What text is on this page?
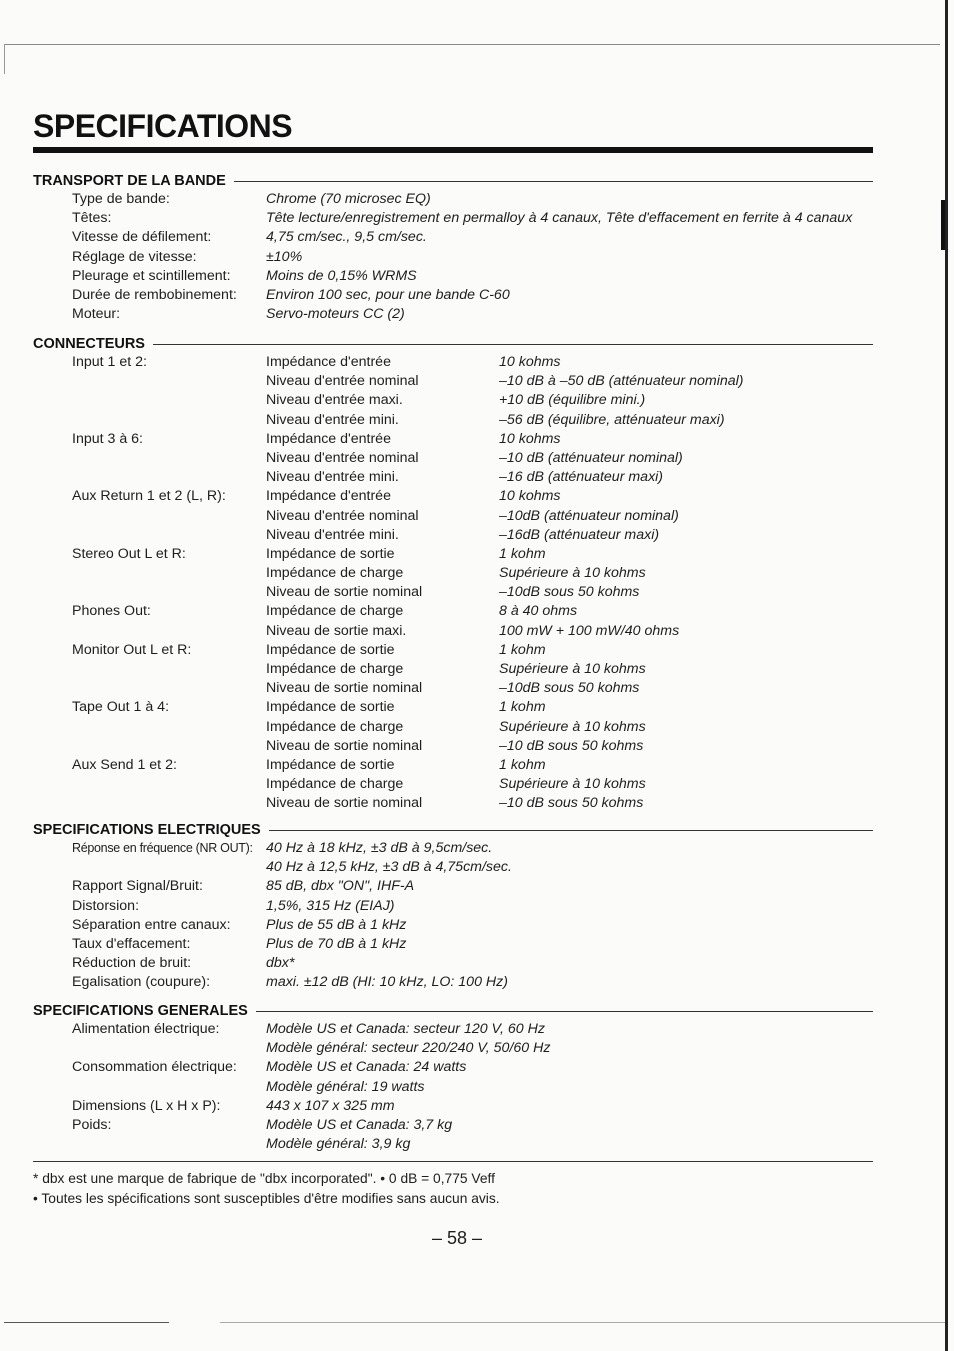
SPECIFICATIONS
TRANSPORT DE LA BANDE
Type de bande:	Chrome (70 microsec EQ)
Têtes:	Tête lecture/enregistrement en permalloy à 4 canaux, Tête d'effacement en ferrite à 4 canaux
Vitesse de défilement:	4,75 cm/sec., 9,5 cm/sec.
Réglage de vitesse:	±10%
Pleurage et scintillement: Moins de 0,15% WRMS
Durée de rembobinement: Environ 100 sec, pour une bande C-60
Moteur:	Servo-moteurs CC (2)
CONNECTEURS
Input 1 et 2:	Impédance d'entrée	10 kohms
Niveau d'entrée nominal	–10 dB à –50 dB (atténuateur nominal)
Niveau d'entrée maxi.	+10 dB (équilibre mini.)
Niveau d'entrée mini.	–56 dB (équilibre, atténuateur maxi)
Input 3 à 6:	Impédance d'entrée	10 kohms
Niveau d'entrée nominal	–10 dB (atténuateur nominal)
Niveau d'entrée mini.	–16 dB (atténuateur maxi)
Aux Return 1 et 2 (L, R):	Impédance d'entrée	10 kohms
Niveau d'entrée nominal	–10dB (atténuateur nominal)
Niveau d'entrée mini.	–16dB (atténuateur maxi)
Stereo Out L et R:	Impédance de sortie	1 kohm
Impédance de charge	Supérieure à 10 kohms
Niveau de sortie nominal	–10dB sous 50 kohms
Phones Out:	Impédance de charge	8 à 40 ohms
Niveau de sortie maxi.	100 mW + 100 mW/40 ohms
Monitor Out L et R:	Impédance de sortie	1 kohm
Impédance de charge	Supérieure à 10 kohms
Niveau de sortie nominal	–10dB sous 50 kohms
Tape Out 1 à 4:	Impédance de sortie	1 kohm
Impédance de charge	Supérieure à 10 kohms
Niveau de sortie nominal	–10 dB sous 50 kohms
Aux Send 1 et 2:	Impédance de sortie	1 kohm
Impédance de charge	Supérieure à 10 kohms
Niveau de sortie nominal	–10 dB sous 50 kohms
SPECIFICATIONS ELECTRIQUES
Réponse en fréquence (NR OUT): 40 Hz à 18 kHz, ±3 dB à 9,5cm/sec.
40 Hz à 12,5 kHz, ±3 dB à 4,75cm/sec.
Rapport Signal/Bruit:	85 dB, dbx "ON", IHF-A
Distorsion:	1,5%, 315 Hz (EIAJ)
Séparation entre canaux: Plus de 55 dB à 1 kHz
Taux d'effacement:	Plus de 70 dB à 1 kHz
Réduction de bruit:	dbx*
Egalisation (coupure):	maxi. ±12 dB (HI: 10 kHz, LO: 100 Hz)
SPECIFICATIONS GENERALES
Alimentation électrique:	Modèle US et Canada: secteur 120 V, 60 Hz
Modèle général: secteur 220/240 V, 50/60 Hz
Consommation électrique: Modèle US et Canada: 24 watts
Modèle général: 19 watts
Dimensions (L x H x P):	443 x 107 x 325 mm
Poids:	Modèle US et Canada: 3,7 kg
Modèle général: 3,9 kg
* dbx est une marque de fabrique de "dbx incorporated". • 0 dB = 0,775 Veff
• Toutes les spécifications sont susceptibles d'être modifies sans aucun avis.
– 58 –
